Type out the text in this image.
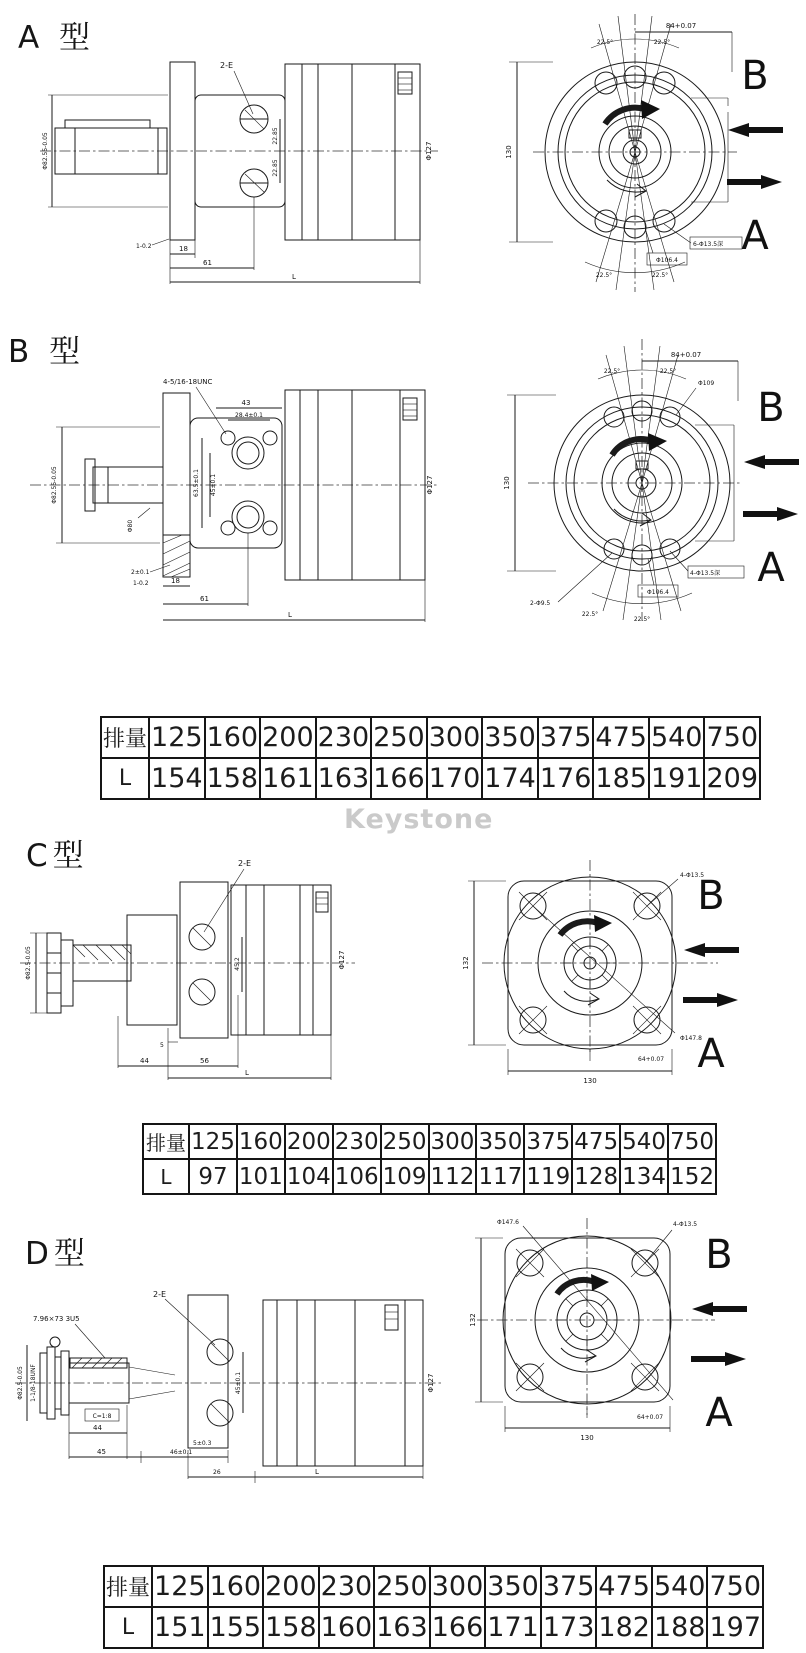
Keystone
A 型
2-E
Φ82.55-0.05	22.85
22.85
Φ127
1-0.2	18
61
L
84+0.07
22.5°	22.5°
130
6-Φ13.5深
Φ106.4
22.5°	22.5°
B
A
B 型
4-5/16-18UNC
43
28.4±0.1
Φ82.55-0.05	63.5±0.1 45±0.1
Φ80
2±0.1
1-0.2	18
61
L
Φ127
84+0.07
22.5°	22.5°
Φ109
130
4-Φ13.5深
Φ106.4
2-Φ9.5
22.5°
22.5°
B
A
排量	125	160	200	230	250	300	350	375	475	540	750
L	154	158	161	163	166	170	174	176	185	191	209
C型	2-E
45.2
Φ82.5-0.05	Φ127
5
44	56
L
4-Φ13.5
132
Φ147.8
130
64+0.07
B
A
排量	125	160	200	230	250	300	350	375	475	540	750
L	97	101	104	106	109	112	117	119	128	134	152
D型
7.96×73 3U5
1-1/8-18UNF
Φ82.5-0.05
C=1:8
2-E
45±0.1
44
45	46±0.1
5±0.3
26	L
Φ127
Φ147.6	4-Φ13.5
132
130
64+0.07
B
A
排量	125	160	200	230	250	300	350	375	475	540	750
L	151	155	158	160	163	166	171	173	182	188	197
